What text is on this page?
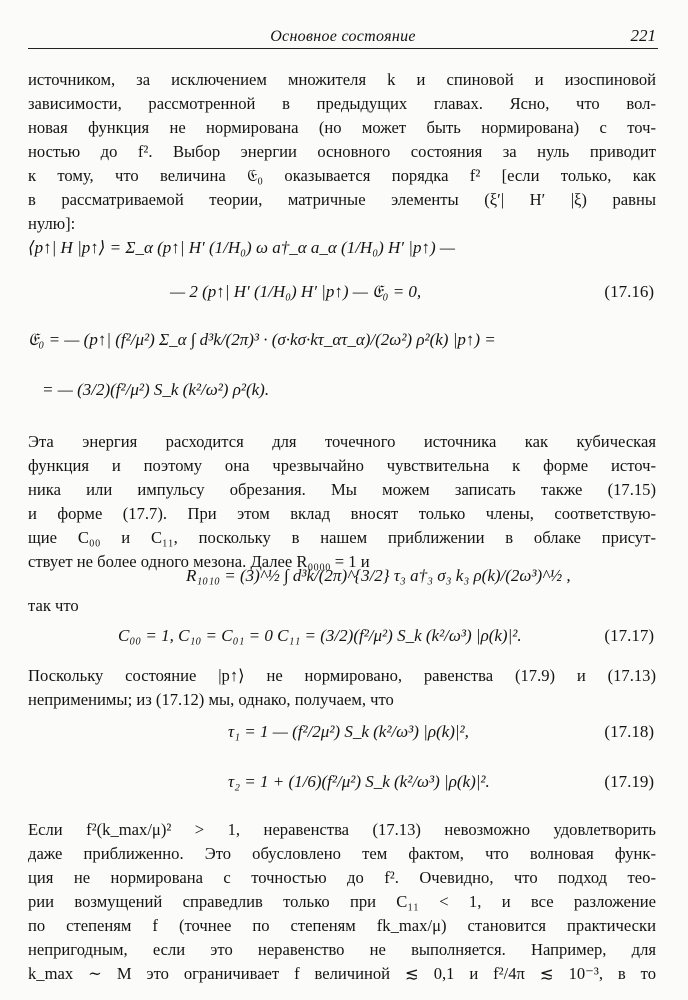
Основное состояние	221
источником, за исключением множителя k и спиновой и изоспиновой
зависимости, рассмотренной в предыдущих главах. Ясно, что вол-
новая функция не нормирована (но может быть нормирована) с точ-
ностью до f². Выбор энергии основного состояния за нуль приводит
к тому, что величина 𝔈₀ оказывается порядка f² [если только, как
в рассматриваемой теории, матричные элементы (ξ′| H′ |ξ) равны
нулю]:
⟨p↑| H |p↑⟩ = Σ_α (p↑| H′ (1/H₀) ω a†_α a_α (1/H₀) H′ |p↑) —
— 2 (p↑| H′ (1/H₀) H′ |p↑) — 𝔈₀ = 0,	(17.16)
𝔈₀ = — (p↑| (f²/μ²) Σ_α ∫ d³k/(2π)³ · (σ·kσ·kτ_ατ_α)/(2ω²) ρ²(k) |p↑) =
= — (3/2)(f²/μ²) S_k (k²/ω²) ρ²(k).
Эта энергия расходится для точечного источника как кубическая
функция и поэтому она чрезвычайно чувствительна к форме источ-
ника или импульсу обрезания. Мы можем записать также (17.15)
и форме (17.7). При этом вклад вносят только члены, соответствую-
щие C₀₀ и C₁₁, поскольку в нашем приближении в облаке присут-
ствует не более одного мезона. Далее R₀₀₀₀ = 1 и
R₁₀₁₀ = (3)^½ ∫ d³k/(2π)^{3/2} τ₃ a†₃ σ₃ k₃ ρ(k)/(2ω³)^½ ,
так что
C₀₀ = 1, C₁₀ = C₀₁ = 0 C₁₁ = (3/2)(f²/μ²) S_k (k²/ω³) |ρ(k)|².	(17.17)
Поскольку состояние |p↑⟩ не нормировано, равенства (17.9) и (17.13)
неприменимы; из (17.12) мы, однако, получаем, что
τ₁ = 1 — (f²/2μ²) S_k (k²/ω³) |ρ(k)|²,	(17.18)
τ₂ = 1 + (1/6)(f²/μ²) S_k (k²/ω³) |ρ(k)|².	(17.19)
Если f²(k_max/μ)² > 1, неравенства (17.13) невозможно удовлетворить
даже приближенно. Это обусловлено тем фактом, что волновая функ-
ция не нормирована с точностью до f². Очевидно, что подход тео-
рии возмущений справедлив только при C₁₁ < 1, и все разложение
по степеням f (точнее по степеням fk_max/μ) становится практически
непригодным, если это неравенство не выполняется. Например, для
k_max ∼ M это ограничивает f величиной ≲ 0,1 и f²/4π ≲ 10⁻³, в то
